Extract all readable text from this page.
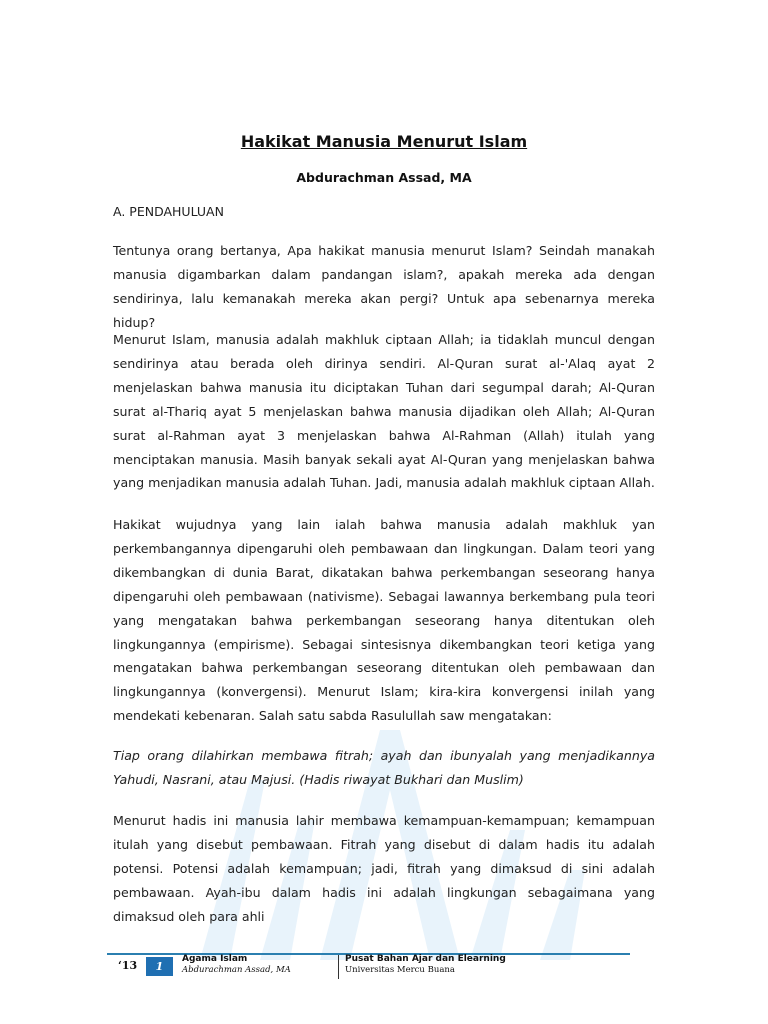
Hakikat Manusia Menurut Islam
Abdurachman Assad, MA
A. PENDAHULUAN

Tentunya orang bertanya, Apa hakikat manusia menurut Islam? Seindah manakah manusia digambarkan dalam pandangan islam?, apakah mereka ada dengan sendirinya, lalu kemanakah mereka akan pergi? Untuk apa sebenarnya mereka hidup?

Menurut Islam, manusia adalah makhluk ciptaan Allah; ia tidaklah muncul dengan sendirinya atau berada oleh dirinya sendiri. Al-Quran surat al-'Alaq ayat 2 menjelaskan bahwa manusia itu diciptakan Tuhan dari segumpal darah; Al-Quran surat al-Thariq ayat 5 menjelaskan bahwa manusia dijadikan oleh Allah; Al-Quran surat al-Rahman ayat 3 menjelaskan bahwa Al-Rahman (Allah) itulah yang menciptakan manusia. Masih banyak sekali ayat Al-Quran yang menjelaskan bahwa yang menjadikan manusia adalah Tuhan. Jadi, manusia adalah makhluk ciptaan Allah.

Hakikat wujudnya yang lain ialah bahwa manusia adalah makhluk yan perkembangannya dipengaruhi oleh pembawaan dan lingkungan. Dalam teori yang dikembangkan di dunia Barat, dikatakan bahwa perkembangan seseorang hanya dipengaruhi oleh pembawaan (nativisme). Sebagai lawannya berkembang pula teori yang mengatakan bahwa perkembangan seseorang hanya ditentukan oleh lingkungannya (empirisme). Sebagai sintesisnya dikembangkan teori ketiga yang mengatakan bahwa perkembangan seseorang ditentukan oleh pembawaan dan lingkungannya (konvergensi). Menurut Islam; kira-kira konvergensi inilah yang mendekati kebenaran. Salah satu sabda Rasulullah saw mengatakan:

Tiap orang dilahirkan membawa fitrah; ayah dan ibunyalah yang menjadikannya Yahudi, Nasrani, atau Majusi. (Hadis riwayat Bukhari dan Muslim)

Menurut hadis ini manusia lahir membawa kemampuan-kemampuan; kemampuan itulah yang disebut pembawaan. Fitrah yang disebut di dalam hadis itu adalah potensi. Potensi adalah kemampuan; jadi, fitrah yang dimaksud di sini adalah pembawaan. Ayah-ibu dalam hadis ini adalah lingkungan sebagaimana yang dimaksud oleh para ahli

‘13	1
Agama Islam
Abdurachman Assad, MA
Pusat Bahan Ajar dan Elearning
Universitas Mercu Buana
